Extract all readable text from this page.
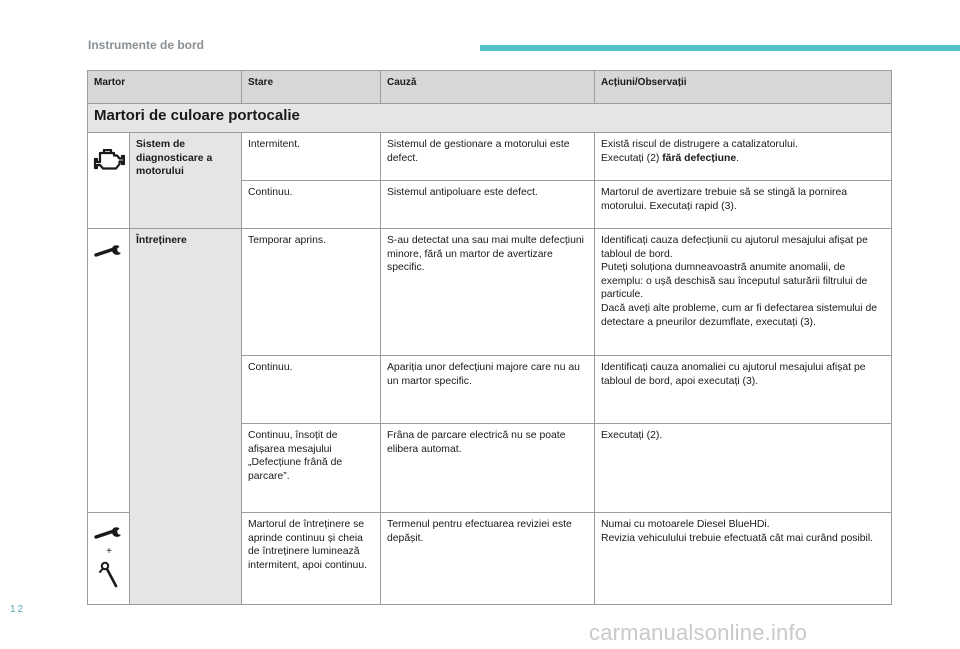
Instrumente de bord
Martor		Stare	Cauză	Acțiuni/Observații
Martori de culoare portocalie				

	Sistem de diagnosticare a motorului	Intermitent.	Sistemul de gestionare a motorului este defect.	Există riscul de distrugere a catalizatorului.
Executați (2) fără defecțiune.
		Continuu.	Sistemul antipoluare este defect.	Martorul de avertizare trebuie să se stingă la pornirea motorului. Executați rapid (3).

	Întreținere	Temporar aprins.	S-au detectat una sau mai multe defecțiuni minore, fără un martor de avertizare specific.	Identificați cauza defecțiunii cu ajutorul mesajului afișat pe tabloul de bord.
Puteți soluționa dumneavoastră anumite anomalii, de exemplu: o ușă deschisă sau începutul saturării filtrului de particule.
Dacă aveți alte probleme, cum ar fi defectarea sistemului de detectare a pneurilor dezumflate, executați (3).
		Continuu.	Apariția unor defecțiuni majore care nu au un martor specific.	Identificați cauza anomaliei cu ajutorul mesajului afișat pe tabloul de bord, apoi executați (3).
		Continuu, însoțit de afișarea mesajului „Defecțiune frână de parcare”.	Frâna de parcare electrică nu se poate elibera automat.	Executați (2).

+		Martorul de întreținere se aprinde continuu și cheia de întreținere luminează intermitent, apoi continuu.	Termenul pentru efectuarea reviziei este depășit.	Numai cu motoarele Diesel BlueHDi.
Revizia vehiculului trebuie efectuată cât mai curând posibil.
12
carmanualsonline.info
